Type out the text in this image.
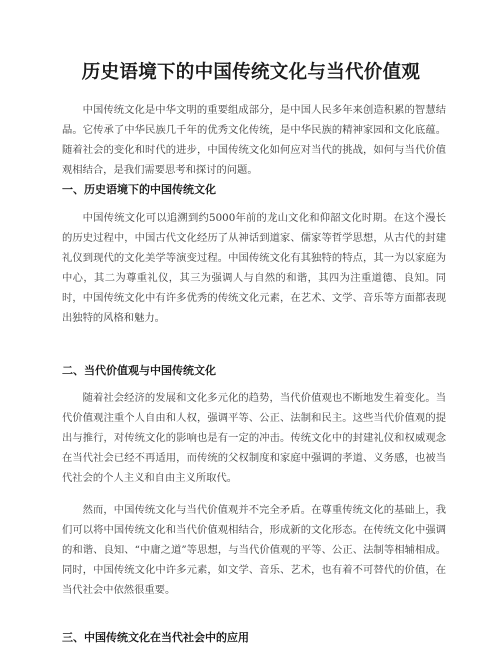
历史语境下的中国传统文化与当代价值观

中国传统文化是中华文明的重要组成部分，是中国人民多年来创造积累的智慧结晶。它传承了中华民族几千年的优秀文化传统，是中华民族的精神家园和文化底蕴。随着社会的变化和时代的进步，中国传统文化如何应对当代的挑战，如何与当代价值观相结合，是我们需要思考和探讨的问题。

一、历史语境下的中国传统文化

中国传统文化可以追溯到约5000年前的龙山文化和仰韶文化时期。在这个漫长的历史过程中，中国古代文化经历了从神话到道家、儒家等哲学思想，从古代的封建礼仪到现代的文化美学等演变过程。中国传统文化有其独特的特点，其一为以家庭为中心，其二为尊重礼仪，其三为强调人与自然的和谐，其四为注重道德、良知。同时，中国传统文化中有许多优秀的传统文化元素，在艺术、文学、音乐等方面都表现出独特的风格和魅力。

二、当代价值观与中国传统文化

随着社会经济的发展和文化多元化的趋势，当代价值观也不断地发生着变化。当代价值观注重个人自由和人权，强调平等、公正、法制和民主。这些当代价值观的提出与推行，对传统文化的影响也是有一定的冲击。传统文化中的封建礼仪和权威观念在当代社会已经不再适用，而传统的父权制度和家庭中强调的孝道、义务感，也被当代社会的个人主义和自由主义所取代。

然而，中国传统文化与当代价值观并不完全矛盾。在尊重传统文化的基础上，我们可以将中国传统文化和当代价值观相结合，形成新的文化形态。在传统文化中强调的和谐、良知、“中庸之道”等思想，与当代价值观的平等、公正、法制等相辅相成。同时，中国传统文化中许多元素，如文学、音乐、艺术，也有着不可替代的价值，在当代社会中依然很重要。

三、中国传统文化在当代社会中的应用
